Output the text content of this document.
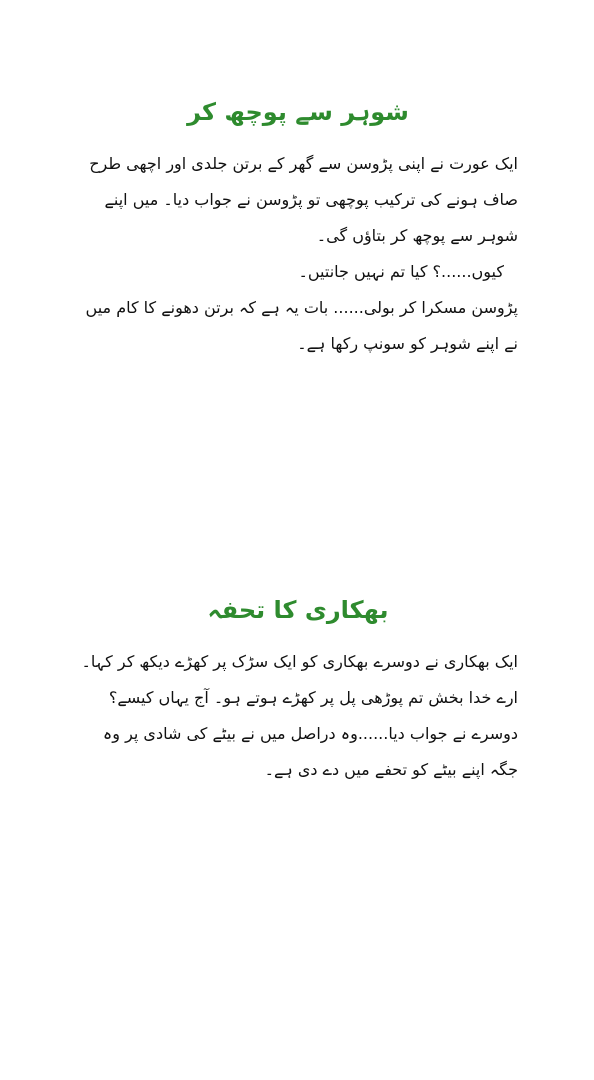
شوہر سے پوچھ کر

ایک عورت نے اپنی پڑوسن سے گھر کے برتن جلدی اور اچھی طرح صاف ہونے کی ترکیب پوچھی تو پڑوسن نے جواب دیا۔ میں اپنے شوہر سے پوچھ کر بتاؤں گی۔

کیوں......؟ کیا تم نہیں جانتیں۔

پڑوسن مسکرا کر بولی...... بات یہ ہے کہ برتن دھونے کا کام میں نے اپنے شوہر کو سونپ رکھا ہے۔

بھکاری کا تحفہ

ایک بھکاری نے دوسرے بھکاری کو ایک سڑک پر کھڑے دیکھ کر کہا۔ ارے خدا بخش تم پوڑھی پل پر کھڑے ہوتے ہو۔ آج یہاں کیسے؟

دوسرے نے جواب دیا......وہ دراصل میں نے بیٹے کی شادی پر وہ جگہ اپنے بیٹے کو تحفے میں دے دی ہے۔
